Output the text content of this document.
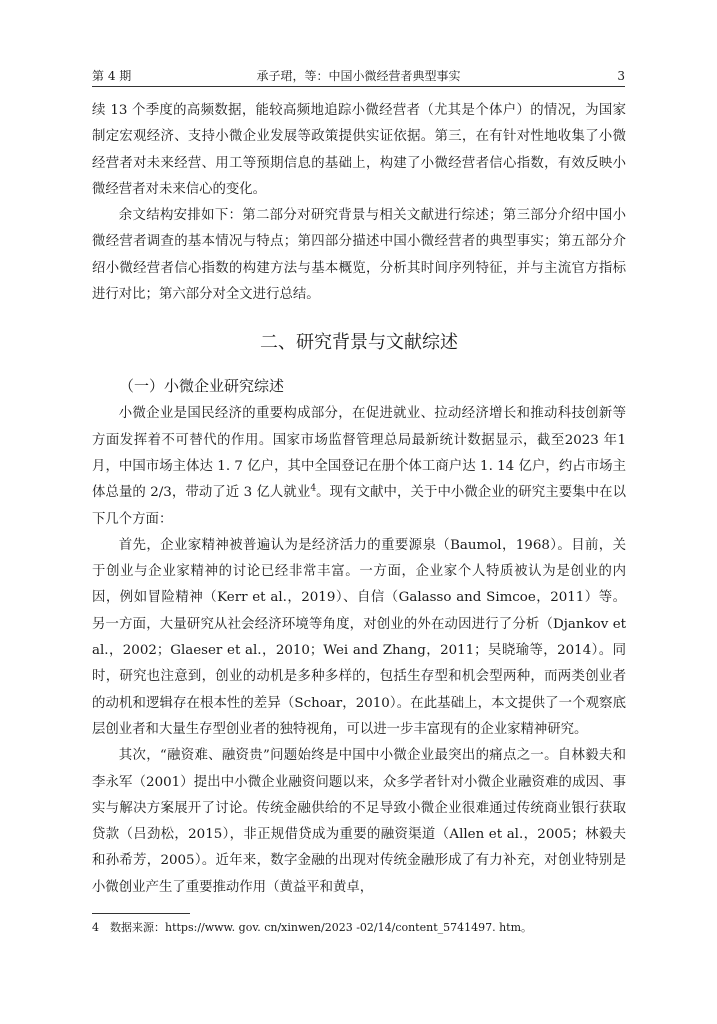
第 4 期	承子珺，等：中国小微经营者典型事实	3

续 13 个季度的高频数据，能较高频地追踪小微经营者（尤其是个体户）的情况，为国家制定宏观经济、支持小微企业发展等政策提供实证依据。第三，在有针对性地收集了小微经营者对未来经营、用工等预期信息的基础上，构建了小微经营者信心指数，有效反映小微经营者对未来信心的变化。

余文结构安排如下：第二部分对研究背景与相关文献进行综述；第三部分介绍中国小微经营者调查的基本情况与特点；第四部分描述中国小微经营者的典型事实；第五部分介绍小微经营者信心指数的构建方法与基本概览，分析其时间序列特征，并与主流官方指标进行对比；第六部分对全文进行总结。

二、研究背景与文献综述
（一）小微企业研究综述

小微企业是国民经济的重要构成部分，在促进就业、拉动经济增长和推动科技创新等方面发挥着不可替代的作用。国家市场监督管理总局最新统计数据显示，截至2023 年1 月，中国市场主体达 1. 7 亿户，其中全国登记在册个体工商户达 1. 14 亿户，约占市场主体总量的 2/3，带动了近 3 亿人就业$^4$。现有文献中，关于中小微企业的研究主要集中在以下几个方面：

首先，企业家精神被普遍认为是经济活力的重要源泉（Baumol，1968）。目前，关于创业与企业家精神的讨论已经非常丰富。一方面，企业家个人特质被认为是创业的内因，例如冒险精神（Kerr et al.，2019）、自信（Galasso and Simcoe，2011）等。另一方面，大量研究从社会经济环境等角度，对创业的外在动因进行了分析（Djankov et al.，2002；Glaeser et al.，2010；Wei and Zhang，2011；吴晓瑜等，2014）。同时，研究也注意到，创业的动机是多种多样的，包括生存型和机会型两种，而两类创业者的动机和逻辑存在根本性的差异（Schoar，2010）。在此基础上，本文提供了一个观察底层创业者和大量生存型创业者的独特视角，可以进一步丰富现有的企业家精神研究。

其次，“融资难、融资贵”问题始终是中国中小微企业最突出的痛点之一。自林毅夫和李永军（2001）提出中小微企业融资问题以来，众多学者针对小微企业融资难的成因、事实与解决方案展开了讨论。传统金融供给的不足导致小微企业很难通过传统商业银行获取贷款（吕劲松，2015），非正规借贷成为重要的融资渠道（Allen et al.，2005；林毅夫和孙希芳，2005）。近年来，数字金融的出现对传统金融形成了有力补充，对创业特别是小微创业产生了重要推动作用（黄益平和黄卓，

4　数据来源：https://www. gov. cn/xinwen/2023 -02/14/content_5741497. htm。
